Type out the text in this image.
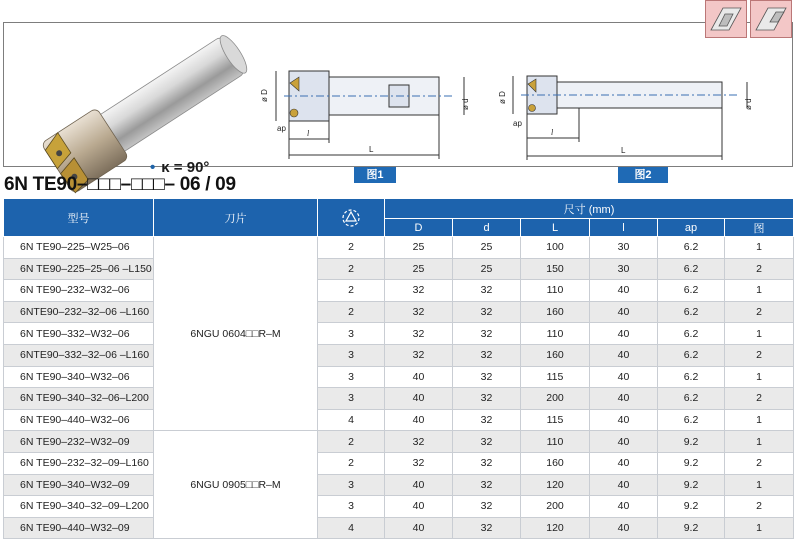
• κ = 90°
ø D
ø d
ap
l
L
ø D
ø d
ap
l
L
图1	图2
6N TE90–□□□–□□□– 06 / 09
型号	刀片		尺寸 (mm)					
			D	d	L	l	ap	图
6N TE90–225–W25–06	6NGU 0604□□R–M	2	25	25	100	30	6.2	1
6N TE90–225–25–06 –L150		2	25	25	150	30	6.2	2
6N TE90–232–W32–06		2	32	32	110	40	6.2	1
6NTE90–232–32–06 –L160		2	32	32	160	40	6.2	2
6N TE90–332–W32–06		3	32	32	110	40	6.2	1
6NTE90–332–32–06 –L160		3	32	32	160	40	6.2	2
6N TE90–340–W32–06		3	40	32	115	40	6.2	1
6N TE90–340–32–06–L200		3	40	32	200	40	6.2	2
6N TE90–440–W32–06		4	40	32	115	40	6.2	1
6N TE90–232–W32–09	6NGU 0905□□R–M	2	32	32	110	40	9.2	1
6N TE90–232–32–09–L160		2	32	32	160	40	9.2	2
6N TE90–340–W32–09		3	40	32	120	40	9.2	1
6N TE90–340–32–09–L200		3	40	32	200	40	9.2	2
6N TE90–440–W32–09		4	40	32	120	40	9.2	1
